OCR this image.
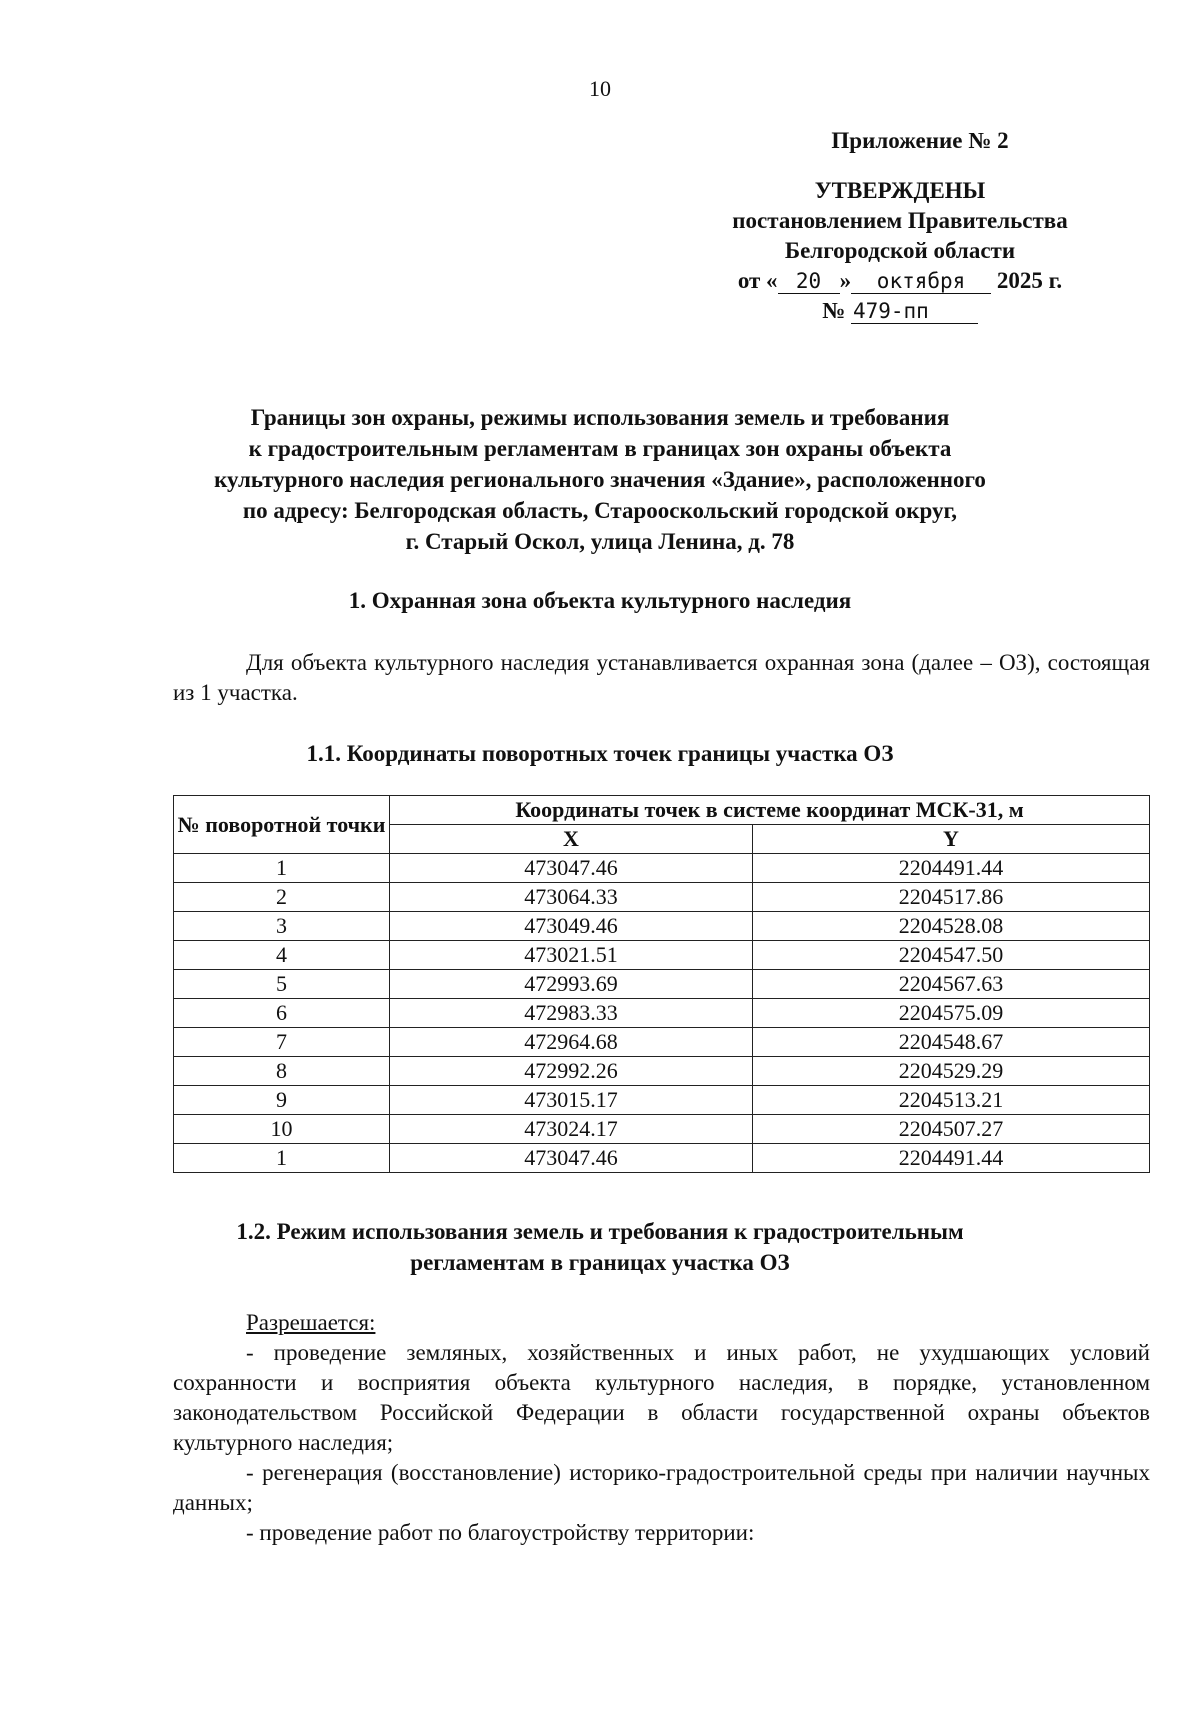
10
Приложение № 2
УТВЕРЖДЕНЫ
постановлением Правительства
Белгородской области
от « 20 » октября 2025 г.
№ 479-пп
Границы зон охраны, режимы использования земель и требования
к градостроительным регламентам в границах зон охраны объекта
культурного наследия регионального значения «Здание», расположенного
по адресу: Белгородская область, Старооскольский городской округ,
г. Старый Оскол, улица Ленина, д. 78
1. Охранная зона объекта культурного наследия
Для объекта культурного наследия устанавливается охранная зона (далее – ОЗ), состоящая из 1 участка.
1.1. Координаты поворотных точек границы участка ОЗ
№ поворотной точки	Координаты точек в системе координат МСК-31, м	
	X	Y
1	473047.46	2204491.44
2	473064.33	2204517.86
3	473049.46	2204528.08
4	473021.51	2204547.50
5	472993.69	2204567.63
6	472983.33	2204575.09
7	472964.68	2204548.67
8	472992.26	2204529.29
9	473015.17	2204513.21
10	473024.17	2204507.27
1	473047.46	2204491.44
1.2. Режим использования земель и требования к градостроительным
регламентам в границах участка ОЗ
Разрешается:
- проведение земляных, хозяйственных и иных работ, не ухудшающих условий сохранности и восприятия объекта культурного наследия, в порядке, установленном законодательством Российской Федерации в области государственной охраны объектов культурного наследия;
- регенерация (восстановление) историко-градостроительной среды при наличии научных данных;
- проведение работ по благоустройству территории:
